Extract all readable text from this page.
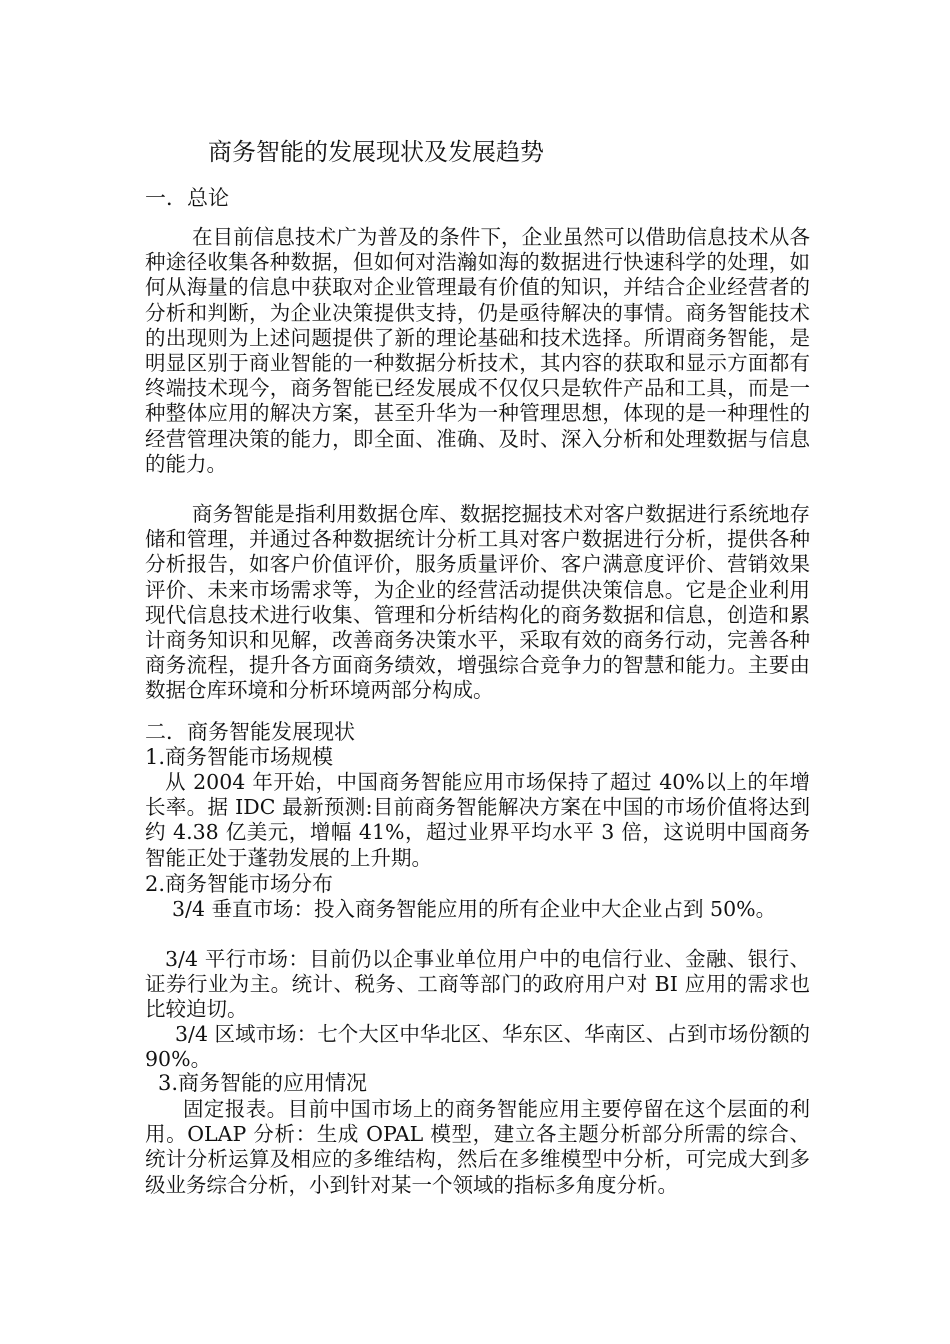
商务智能的发展现状及发展趋势
一．总论
在目前信息技术广为普及的条件下，企业虽然可以借助信息技术从各种途径收集各种数据，但如何对浩瀚如海的数据进行快速科学的处理，如何从海量的信息中获取对企业管理最有价值的知识，并结合企业经营者的分析和判断，为企业决策提供支持，仍是亟待解决的事情。商务智能技术的出现则为上述问题提供了新的理论基础和技术选择。所谓商务智能，是明显区别于商业智能的一种数据分析技术，其内容的获取和显示方面都有终端技术现今，商务智能已经发展成不仅仅只是软件产品和工具，而是一种整体应用的解决方案，甚至升华为一种管理思想，体现的是一种理性的经营管理决策的能力，即全面、准确、及时、深入分析和处理数据与信息的能力。
商务智能是指利用数据仓库、数据挖掘技术对客户数据进行系统地存储和管理，并通过各种数据统计分析工具对客户数据进行分析，提供各种分析报告，如客户价值评价，服务质量评价、客户满意度评价、营销效果评价、未来市场需求等，为企业的经营活动提供决策信息。它是企业利用现代信息技术进行收集、管理和分析结构化的商务数据和信息，创造和累计商务知识和见解，改善商务决策水平，采取有效的商务行动，完善各种商务流程，提升各方面商务绩效，增强综合竞争力的智慧和能力。主要由数据仓库环境和分析环境两部分构成。
二．商务智能发展现状
1.商务智能市场规模
从 2004 年开始，中国商务智能应用市场保持了超过 40%以上的年增长率。据 IDC 最新预测:目前商务智能解决方案在中国的市场价值将达到约 4.38 亿美元，增幅 41%，超过业界平均水平 3 倍，这说明中国商务智能正处于蓬勃发展的上升期。
2.商务智能市场分布
3/4 垂直市场：投入商务智能应用的所有企业中大企业占到 50%。
3/4 平行市场：目前仍以企事业单位用户中的电信行业、金融、银行、证券行业为主。统计、税务、工商等部门的政府用户对 BI 应用的需求也比较迫切。
3/4 区域市场：七个大区中华北区、华东区、华南区、占到市场份额的 90%。
3.商务智能的应用情况
固定报表。目前中国市场上的商务智能应用主要停留在这个层面的利用。OLAP 分析：生成 OPAL 模型，建立各主题分析部分所需的综合、统计分析运算及相应的多维结构，然后在多维模型中分析，可完成大到多级业务综合分析，小到针对某一个领域的指标多角度分析。
